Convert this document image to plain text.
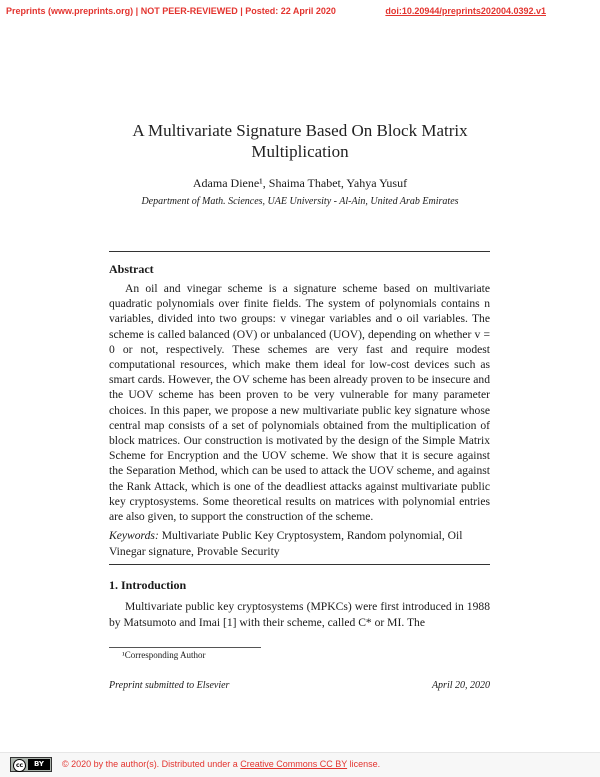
Preprints (www.preprints.org) | NOT PEER-REVIEWED | Posted: 22 April 2020	doi:10.20944/preprints202004.0392.v1
A Multivariate Signature Based On Block Matrix Multiplication
Adama Diene¹, Shaima Thabet, Yahya Yusuf
Department of Math. Sciences, UAE University - Al-Ain, United Arab Emirates
Abstract
An oil and vinegar scheme is a signature scheme based on multivariate quadratic polynomials over finite fields. The system of polynomials contains n variables, divided into two groups: v vinegar variables and o oil variables. The scheme is called balanced (OV) or unbalanced (UOV), depending on whether v = 0 or not, respectively. These schemes are very fast and require modest computational resources, which make them ideal for low-cost devices such as smart cards. However, the OV scheme has been already proven to be insecure and the UOV scheme has been proven to be very vulnerable for many parameter choices. In this paper, we propose a new multivariate public key signature whose central map consists of a set of polynomials obtained from the multiplication of block matrices. Our construction is motivated by the design of the Simple Matrix Scheme for Encryption and the UOV scheme. We show that it is secure against the Separation Method, which can be used to attack the UOV scheme, and against the Rank Attack, which is one of the deadliest attacks against multivariate public key cryptosystems. Some theoretical results on matrices with polynomial entries are also given, to support the construction of the scheme.
Keywords: Multivariate Public Key Cryptosystem, Random polynomial, Oil Vinegar signature, Provable Security
1. Introduction
Multivariate public key cryptosystems (MPKCs) were first introduced in 1988 by Matsumoto and Imai [1] with their scheme, called C* or MI. The
¹Corresponding Author
Preprint submitted to Elsevier	April 20, 2020
cc	BY	© 2020 by the author(s). Distributed under a Creative Commons CC BY license.
